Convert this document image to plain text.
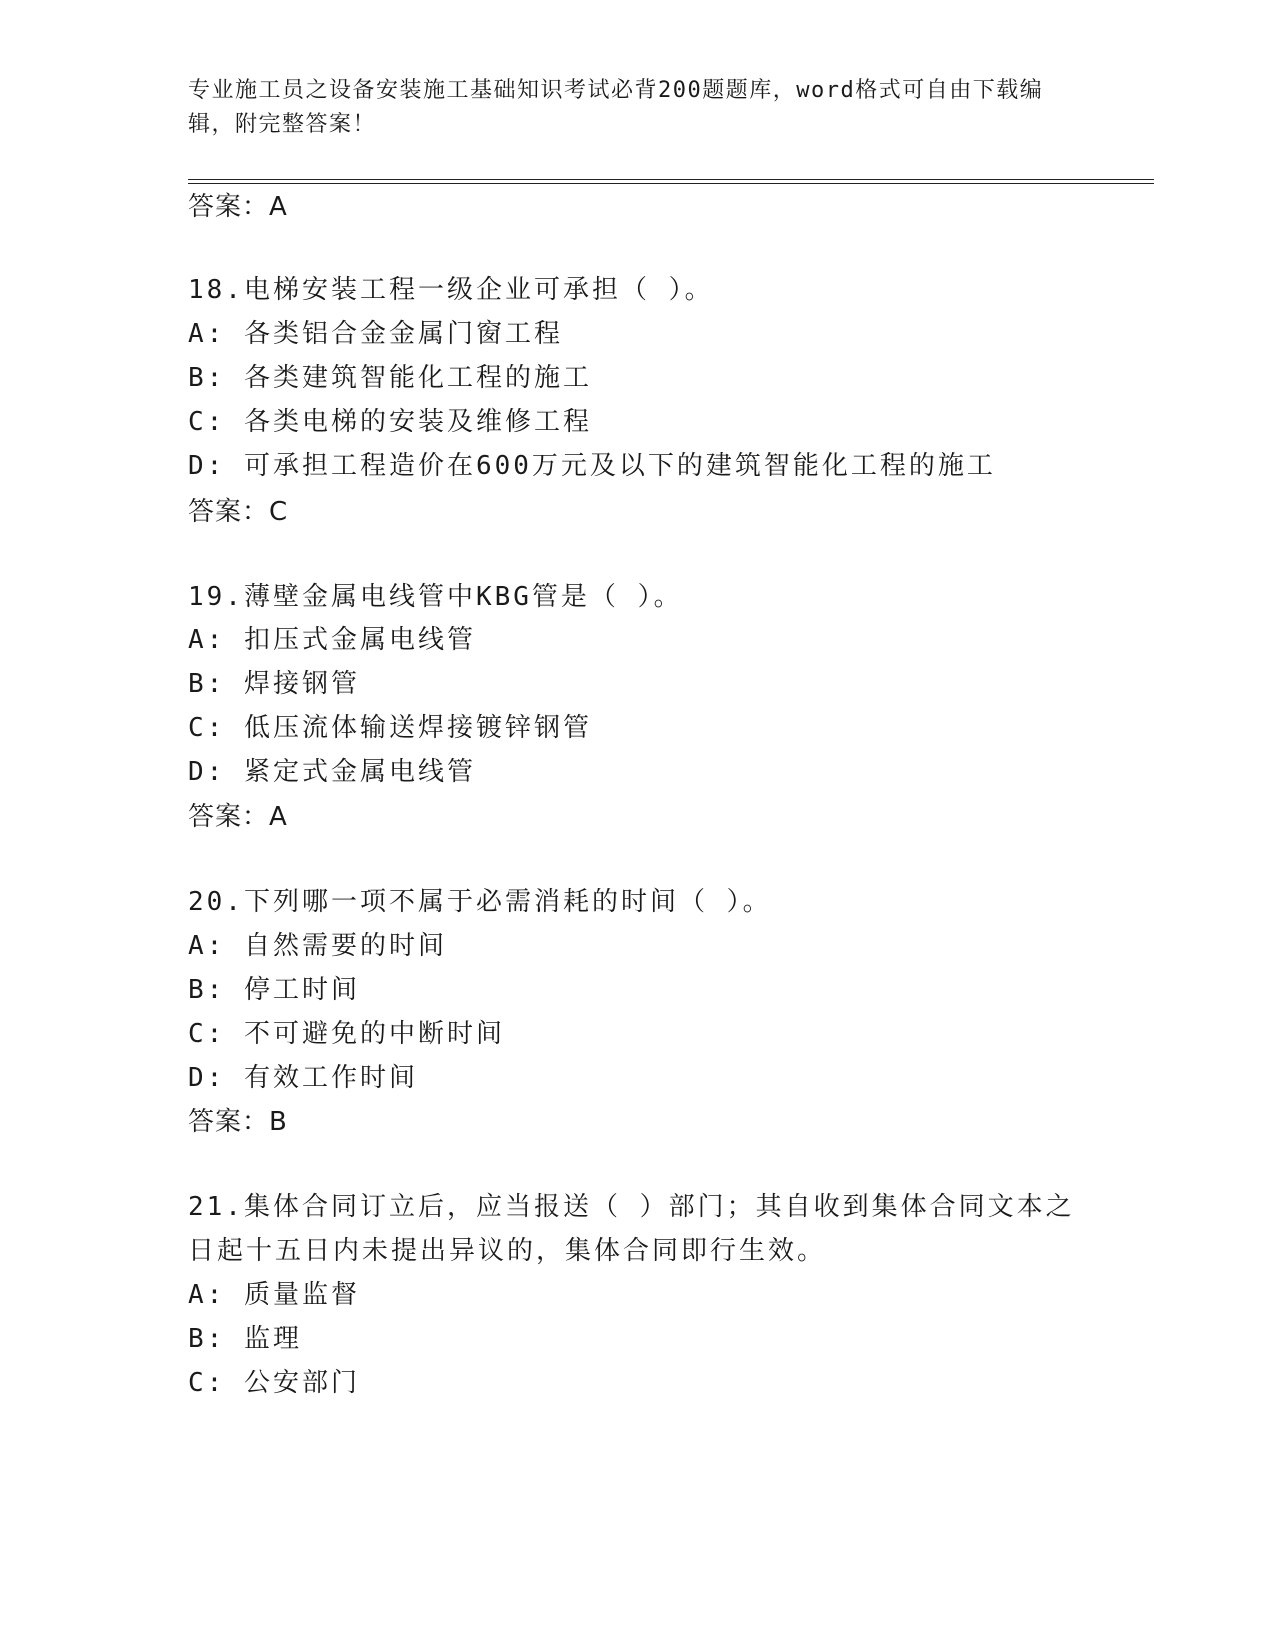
专业施工员之设备安装施工基础知识考试必背200题题库，word格式可自由下载编辑，附完整答案！
答案：A
18.电梯安装工程一级企业可承担（ ）。
A: 各类铝合金金属门窗工程
B: 各类建筑智能化工程的施工
C: 各类电梯的安装及维修工程
D: 可承担工程造价在600万元及以下的建筑智能化工程的施工
答案：C
19.薄壁金属电线管中KBG管是（ ）。
A: 扣压式金属电线管
B: 焊接钢管
C: 低压流体输送焊接镀锌钢管
D: 紧定式金属电线管
答案：A
20.下列哪一项不属于必需消耗的时间（ ）。
A: 自然需要的时间
B: 停工时间
C: 不可避免的中断时间
D: 有效工作时间
答案：B
21.集体合同订立后，应当报送（ ）部门；其自收到集体合同文本之
日起十五日内未提出异议的，集体合同即行生效。
A: 质量监督
B: 监理
C: 公安部门
